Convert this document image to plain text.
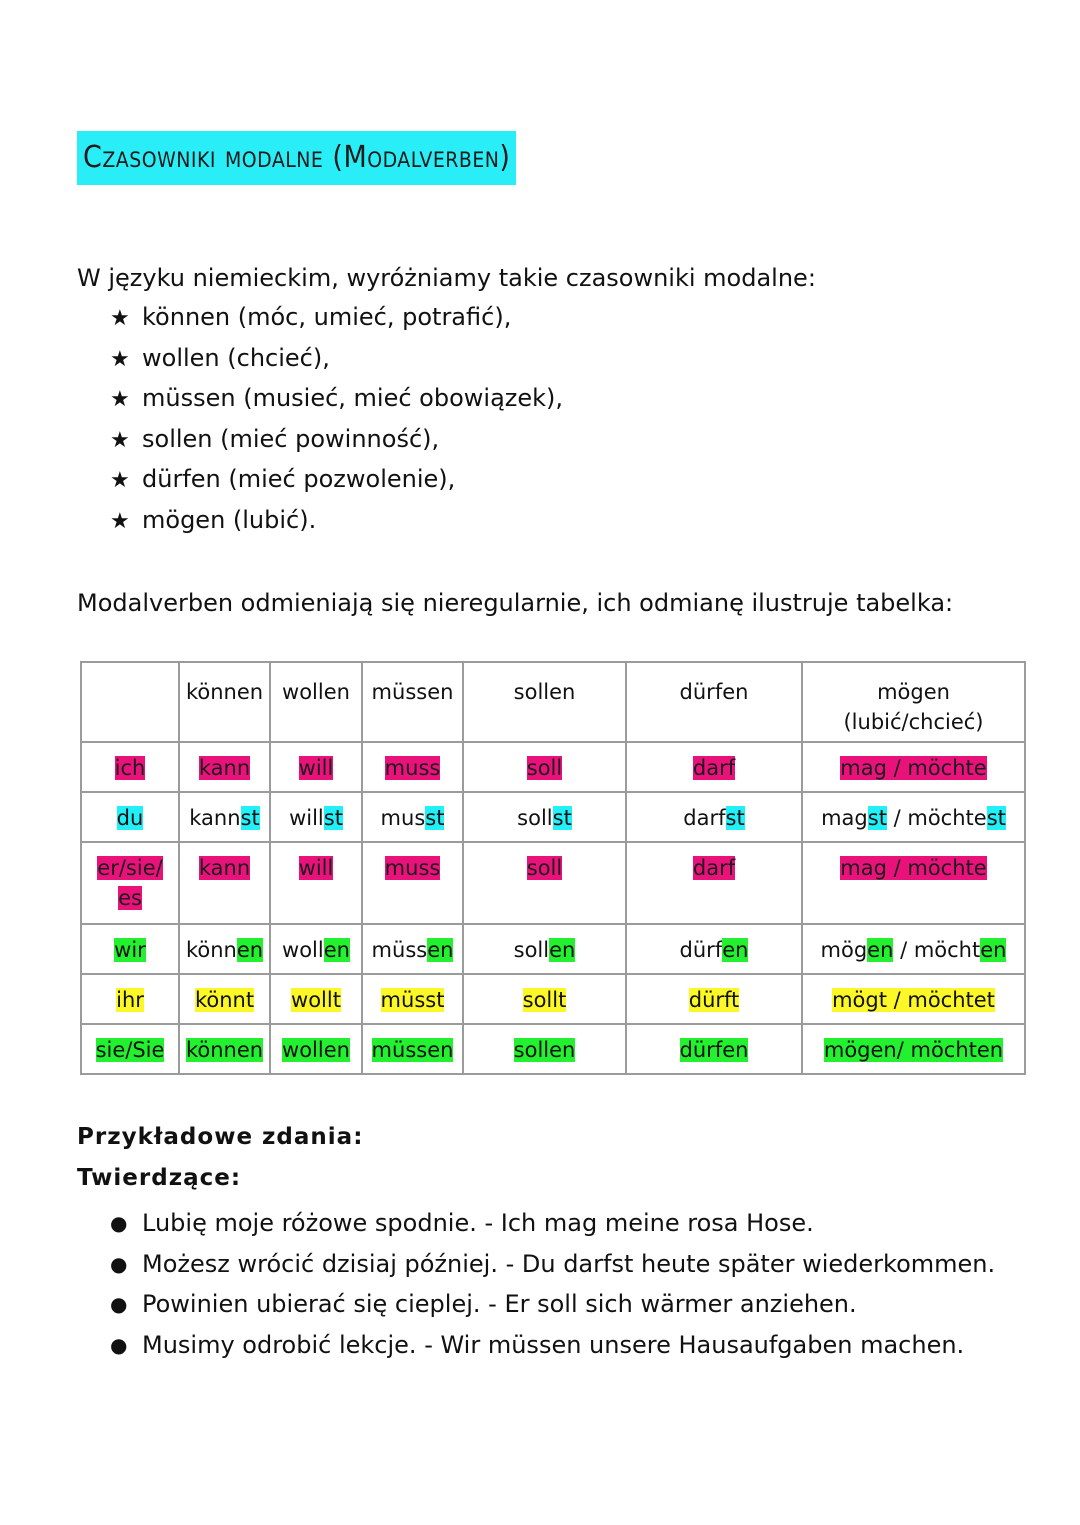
Czasowniki modalne (Modalverben)
W języku niemieckim, wyróżniamy takie czasowniki modalne:
★ können (móc, umieć, potrafić),
★ wollen (chcieć),
★ müssen (musieć, mieć obowiązek),
★ sollen (mieć powinność),
★ dürfen (mieć pozwolenie),
★ mögen (lubić).
Modalverben odmieniają się nieregularnie, ich odmianę ilustruje tabelka:
	können	wollen	müssen	sollen	dürfen	mögen
(lubić/chcieć)

ich	kann	will	muss	soll	darf	mag / möchte
du	kannst	willst	musst	sollst	darfst	magst / möchtest
er/sie/
es	kann	will	muss	soll	darf	mag / möchte
wir	können	wollen	müssen	sollen	dürfen	mögen / möchten
ihr	könnt	wollt	müsst	sollt	dürft	mögt / möchtet
sie/Sie	können	wollen	müssen	sollen	dürfen	mögen/ möchten
Przykładowe zdania:
Twierdzące:
● Lubię moje różowe spodnie. - Ich mag meine rosa Hose.
● Możesz wrócić dzisiaj później. - Du darfst heute später wiederkommen.
● Powinien ubierać się cieplej. - Er soll sich wärmer anziehen.
● Musimy odrobić lekcje. - Wir müssen unsere Hausaufgaben machen.
